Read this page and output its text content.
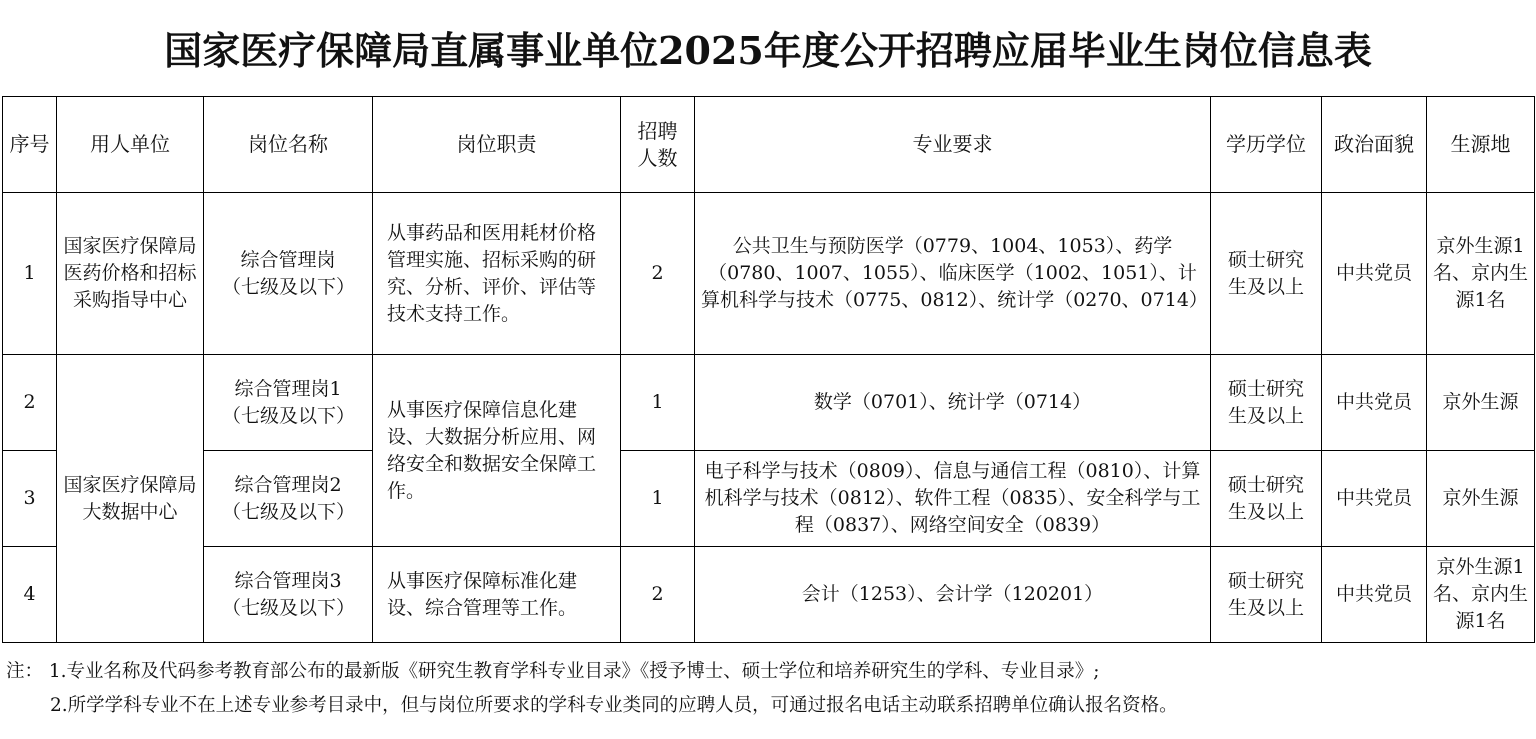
国家医疗保障局直属事业单位2025年度公开招聘应届毕业生岗位信息表
序号	用人单位	岗位名称	岗位职责	招聘人数	专业要求	学历学位	政治面貌	生源地
1	国家医疗保障局医药价格和招标采购指导中心	综合管理岗（七级及以下）	从事药品和医用耗材价格管理实施、招标采购的研究、分析、评价、评估等技术支持工作。	2	公共卫生与预防医学（0779、1004、1053）、药学（0780、1007、1055）、临床医学（1002、1051）、计算机科学与技术（0775、0812）、统计学（0270、0714）	硕士研究生及以上	中共党员	京外生源1名、京内生源1名
2	国家医疗保障局大数据中心	综合管理岗1（七级及以下）	从事医疗保障信息化建设、大数据分析应用、网络安全和数据安全保障工作。	1	数学（0701）、统计学（0714）	硕士研究生及以上	中共党员	京外生源
3		综合管理岗2（七级及以下）		1	电子科学与技术（0809）、信息与通信工程（0810）、计算机科学与技术（0812）、软件工程（0835）、安全科学与工程（0837）、网络空间安全（0839）	硕士研究生及以上	中共党员	京外生源
4		综合管理岗3（七级及以下）	从事医疗保障标准化建设、综合管理等工作。	2	会计（1253）、会计学（120201）	硕士研究生及以上	中共党员	京外生源1名、京内生源1名
注： 1.专业名称及代码参考教育部公布的最新版《研究生教育学科专业目录》《授予博士、硕士学位和培养研究生的学科、专业目录》;
2.所学学科专业不在上述专业参考目录中，但与岗位所要求的学科专业类同的应聘人员，可通过报名电话主动联系招聘单位确认报名资格。
